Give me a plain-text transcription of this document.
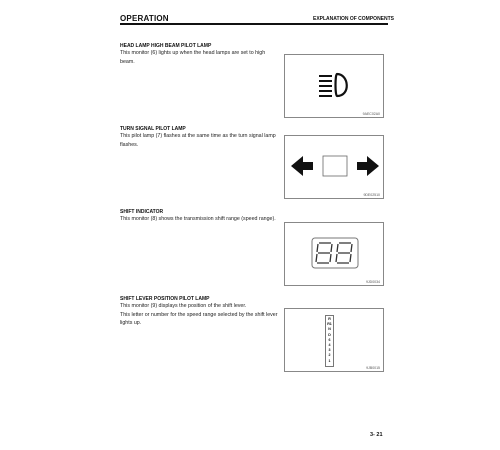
OPERATION	EXPLANATION OF COMPONENTS
HEAD LAMP HIGH BEAM PILOT LAMP
This monitor (6) lights up when the head lamps are set to high
beam.
9AEC02A0
TURN SIGNAL PILOT LAMP
This pilot lamp (7) flashes at the same time as the turn signal lamp
flashes.
9DE02510
SHIFT INDICATOR
This monitor (8) shows the transmission shift range (speed range).
9JD0034
SHIFT LEVER POSITION PILOT LAMP
This monitor (9) displays the position of the shift lever.
This letter or number for the speed range selected by the shift lever
lights up.
R
R1
N
D
6
4
3
2
1
9JB0015
3- 21
